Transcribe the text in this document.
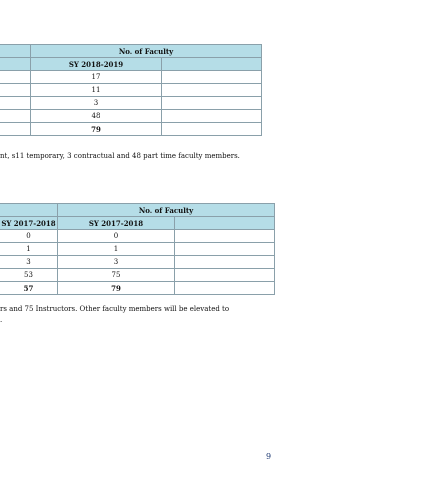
	No. of Faculty	
	SY 2018-2019	
	17	
	11	
	3	
	48	
	79	
nt, s11 temporary, 3 contractual and 48 part time faculty members.
	No. of Faculty	
SY 2017-2018	SY 2017-2018	
0	0	
1	1	
3	3	
53	75	
57	79	
rs and 75 Instructors. Other faculty members will be elevated to
.
9
